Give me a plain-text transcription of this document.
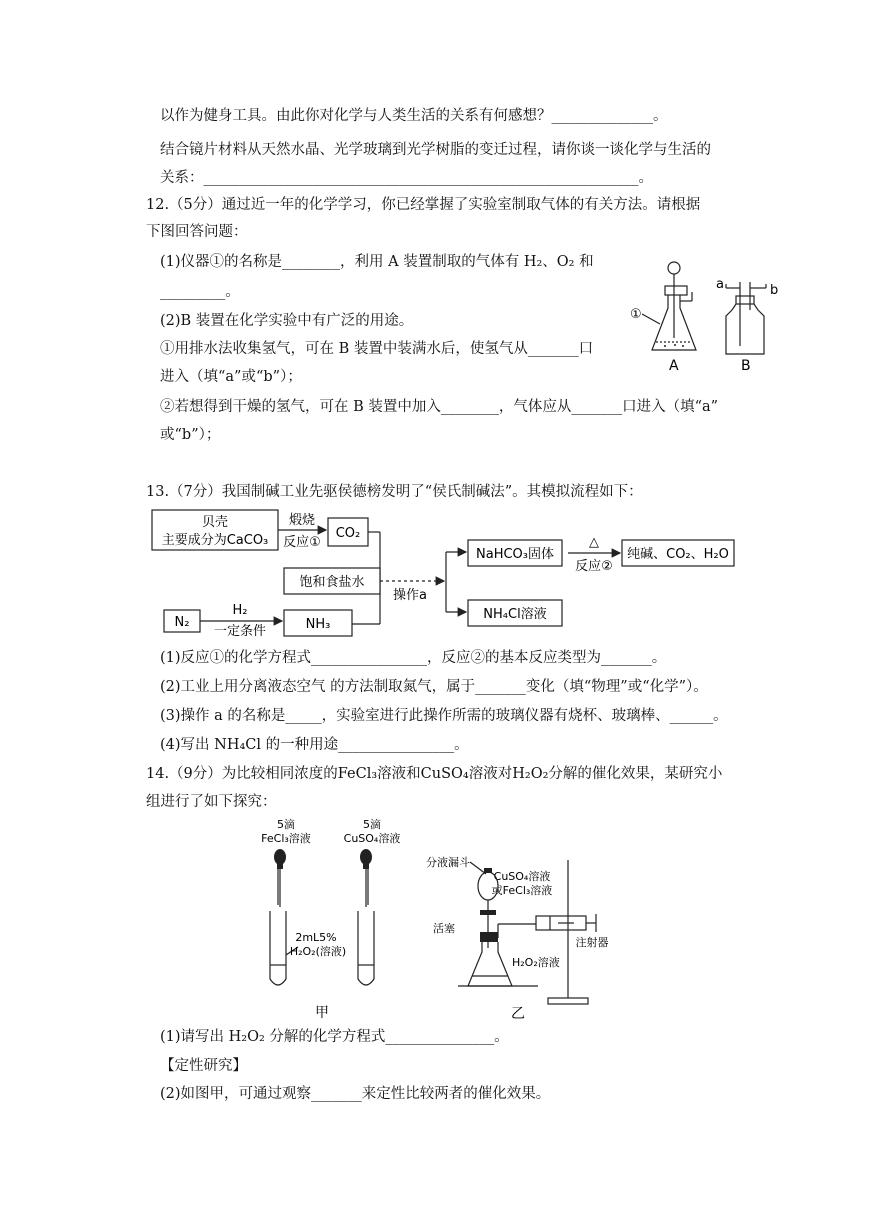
以作为健身工具。由此你对化学与人类生活的关系有何感想？______________。
结合镜片材料从天然水晶、光学玻璃到光学树脂的变迁过程，请你谈一谈化学与生活的
关系：____________________________________________________________。
12.（5分）通过近一年的化学学习，你已经掌握了实验室制取气体的有关方法。请根据
下图回答问题：
(1)仪器①的名称是________，利用 A 装置制取的气体有 H₂、O₂ 和
_________。
(2)B 装置在化学实验中有广泛的用途。
①用排水法收集氢气，可在 B 装置中装满水后，使氢气从_______口
进入（填“a”或“b”）；
②若想得到干燥的氢气，可在 B 装置中加入________，气体应从_______口进入（填“a”
或“b”）；
13.（7分）我国制碱工业先驱侯德榜发明了“侯氏制碱法”。其模拟流程如下：
(1)反应①的化学方程式________________，反应②的基本反应类型为_______。
(2)工业上用分离液态空气 的方法制取氮气，属于_______变化（填“物理”或“化学”）。
(3)操作 a 的名称是_____，实验室进行此操作所需的玻璃仪器有烧杯、玻璃棒、______。
(4)写出 NH₄Cl 的一种用途________________。
14.（9分）为比较相同浓度的FeCl₃溶液和CuSO₄溶液对H₂O₂分解的催化效果，某研究小
组进行了如下探究：
(1)请写出 H₂O₂ 分解的化学方程式_______________。
【定性研究】
(2)如图甲，可通过观察_______来定性比较两者的催化效果。
①
A
a	b
B
贝壳
主要成分为CaCO₃
煅烧
反应①
CO₂
饱和食盐水
操作a
NaHCO₃固体
△
反应②
纯碱、CO₂、H₂O
NH₄Cl溶液
N₂
H₂
一定条件	NH₃
5滴
FeCl₃溶液
5滴
CuSO₄溶液
2mL5%
H₂O₂(溶液)
甲
分液漏斗
CuSO₄溶液
或FeCl₃溶液
活塞
注射器
H₂O₂溶液
乙
